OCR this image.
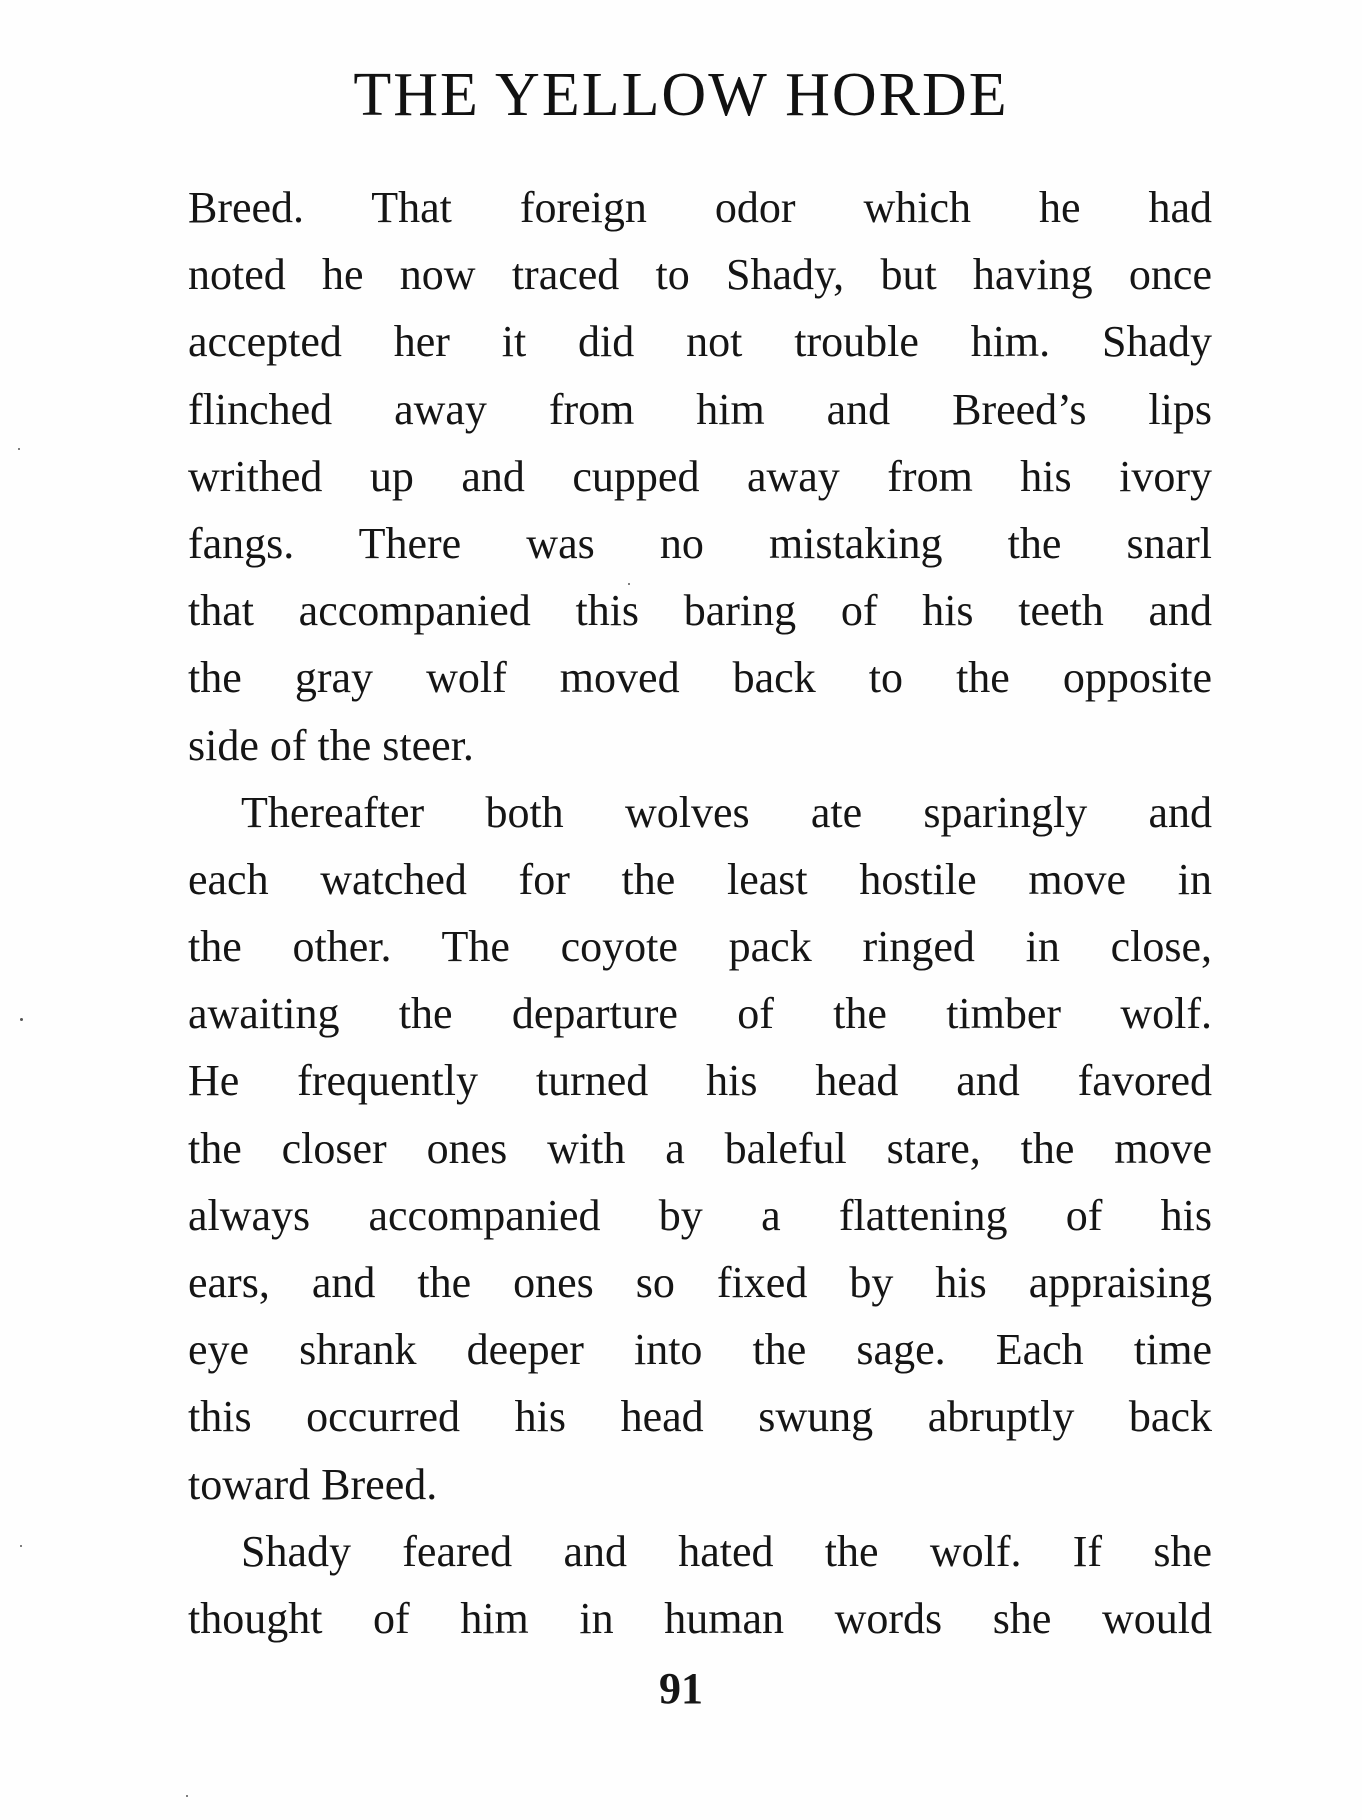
THE YELLOW HORDE
Breed. That foreign odor which he had
noted he now traced to Shady, but having once
accepted her it did not trouble him. Shady
flinched away from him and Breed’s lips
writhed up and cupped away from his ivory
fangs. There was no mistaking the snarl
that accompanied this baring of his teeth and
the gray wolf moved back to the opposite
side of the steer.
Thereafter both wolves ate sparingly and
each watched for the least hostile move in
the other. The coyote pack ringed in close,
awaiting the departure of the timber wolf.
He frequently turned his head and favored
the closer ones with a baleful stare, the move
always accompanied by a flattening of his
ears, and the ones so fixed by his appraising
eye shrank deeper into the sage. Each time
this occurred his head swung abruptly back
toward Breed.
Shady feared and hated the wolf. If she
thought of him in human words she would
91
